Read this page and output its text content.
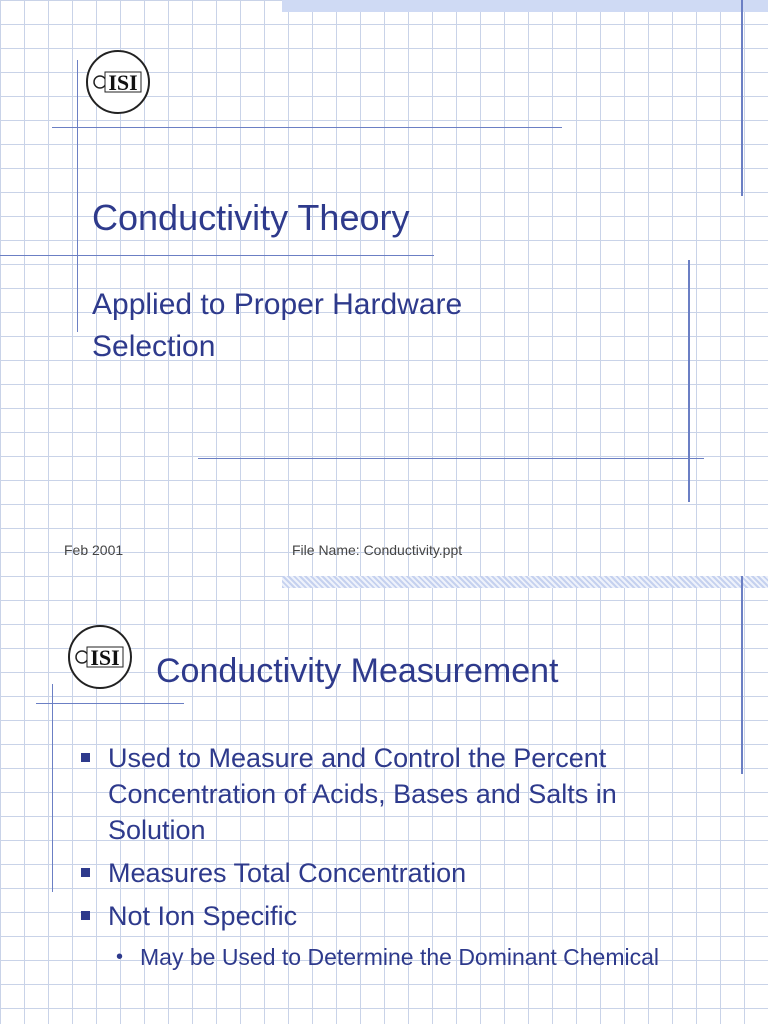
ISI
Conductivity Theory
Applied to Proper Hardware Selection
Feb 2001	File Name: Conductivity.ppt
ISI Conductivity Measurement
Used to Measure and Control the Percent Concentration of Acids, Bases and Salts in Solution
Measures Total Concentration
Not Ion Specific
• May be Used to Determine the Dominant Chemical
